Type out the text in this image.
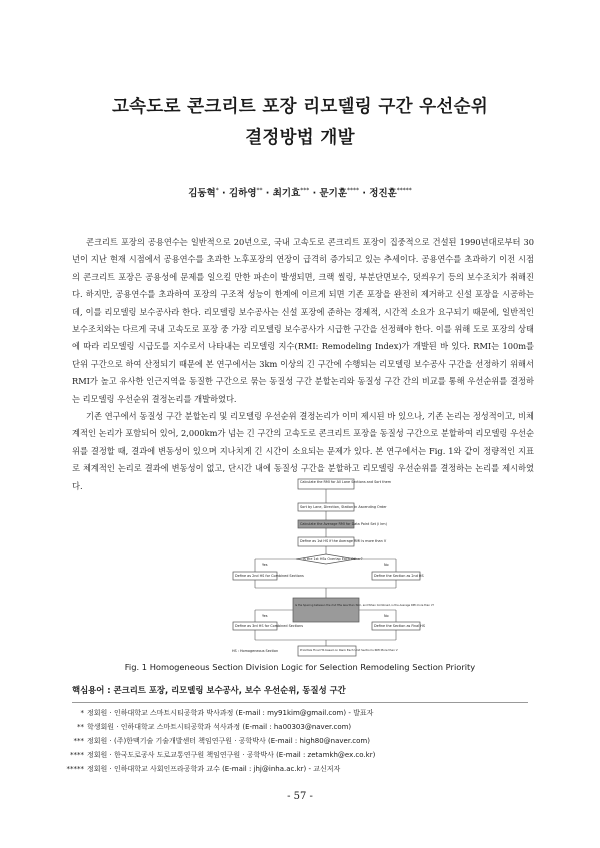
고속도로 콘크리트 포장 리모델링 구간 우선순위
결정방법 개발
김동혁* · 김하영** · 최기효*** · 문기훈**** · 정진훈*****

콘크리트 포장의 공용연수는 일반적으로 20년으로, 국내 고속도로 콘크리트 포장이 집중적으로 건설된 1990년대로부터 30년이 지난 현재 시점에서 공용연수를 초과한 노후포장의 연장이 급격히 증가되고 있는 추세이다. 공용연수를 초과하기 이전 시점의 콘크리트 포장은 공용성에 문제를 일으킬 만한 파손이 발생되면, 크랙 씰링, 부분단면보수, 덧씌우기 등의 보수조치가 취해진다. 하지만, 공용연수를 초과하여 포장의 구조적 성능이 한계에 이르게 되면 기존 포장을 완전히 제거하고 신설 포장을 시공하는데, 이를 리모델링 보수공사라 한다. 리모델링 보수공사는 신설 포장에 준하는 경제적, 시간적 소요가 요구되기 때문에, 일반적인 보수조치와는 다르게 국내 고속도로 포장 중 가장 리모델링 보수공사가 시급한 구간을 선정해야 한다. 이를 위해 도로 포장의 상태에 따라 리모델링 시급도를 지수로서 나타내는 리모델링 지수(RMI: Remodeling Index)가 개발된 바 있다. RMI는 100m를 단위 구간으로 하여 산정되기 때문에 본 연구에서는 3km 이상의 긴 구간에 수행되는 리모델링 보수공사 구간을 선정하기 위해서 RMI가 높고 유사한 인근지역을 동질한 구간으로 묶는 동질성 구간 분할논리와 동질성 구간 간의 비교를 통해 우선순위를 결정하는 리모델링 우선순위 결정논리를 개발하였다.

기존 연구에서 동질성 구간 분할논리 및 리모델링 우선순위 결정논리가 이미 제시된 바 있으나, 기존 논리는 정성적이고, 비체계적인 논리가 포함되어 있어, 2,000km가 넘는 긴 구간의 고속도로 콘크리트 포장을 동질성 구간으로 분할하여 리모델링 우선순위를 결정할 때, 결과에 변동성이 있으며 지나치게 긴 시간이 소요되는 문제가 있다. 본 연구에서는 Fig. 1와 같이 정량적인 지표로 체계적인 논리로 결과에 변동성이 없고, 단시간 내에 동질성 구간을 분할하고 리모델링 우선순위를 결정하는 논리를 제시하였다.	Calculate the RMI for All Lane Sections and Sort them
Sort by Lane, Direction, Station in Ascending Order
Calculate the Average RMI for Data Point Set (i km)
Define as 1st HS if the Average RMI is more than V
Is the 1st HSs Overlap Each Other?
Yes	No
Define as 2nd HS for Combined Sections	Define the Section as 2nd HS
Is the Spacing between the 2nd HSs less than 3km, and When Combined, is the Average RMI more than V?
Yes	No
Define as 3rd HS for Combined Sections	Define the Section as Final HS
Prioritize Final HS based on Rank Each Unit Section's RMI More than V
HS : Homogeneous Section
Fig. 1 Homogeneous Section Division Logic for Selection Remodeling Section Priority
핵심용어 : 콘크리트 포장, 리모델링 보수공사, 보수 우선순위, 동질성 구간
* 정회원 · 인하대학교 스마트시티공학과 박사과정 (E-mail : my91kim@gmail.com) - 발표자
** 학생회원 · 인하대학교 스마트시티공학과 석사과정 (E-mail : ha00303@naver.com)
*** 정회원 · (주)한맥기술 기술개발센터 책임연구원 · 공학박사 (E-mail : high80@naver.com)
**** 정회원 · 한국도로공사 도로교통연구원 책임연구원 · 공학박사 (E-mail : zetamkh@ex.co.kr)
***** 정회원 · 인하대학교 사회인프라공학과 교수 (E-mail : jhj@inha.ac.kr) - 교신저자
- 57 -
